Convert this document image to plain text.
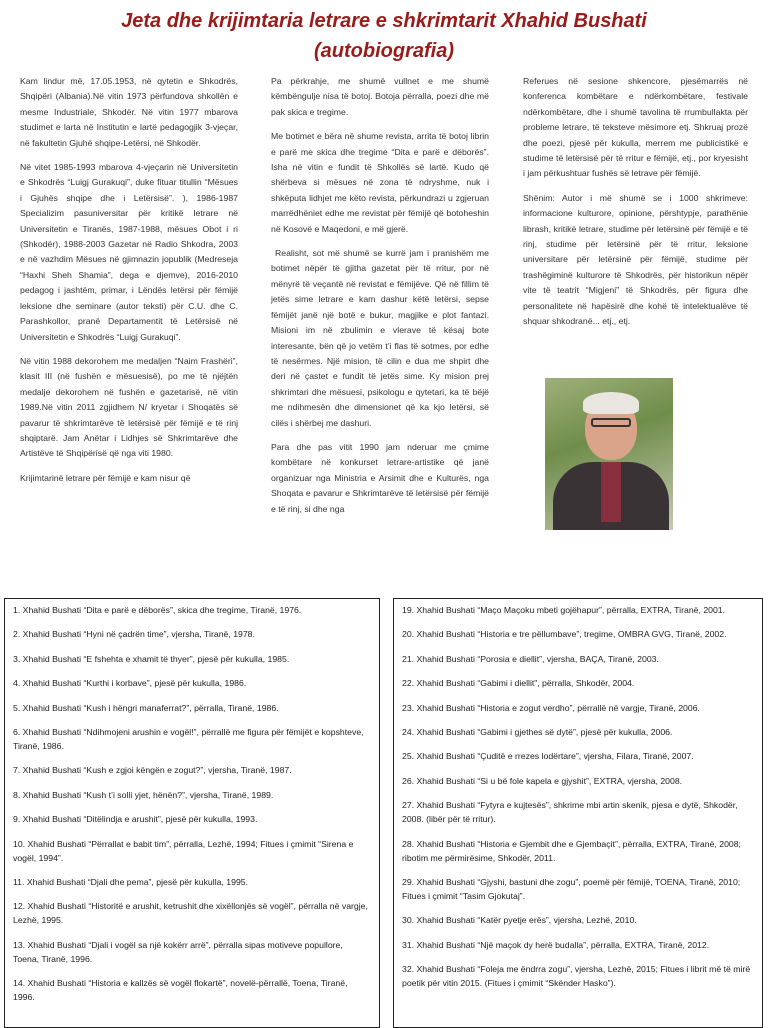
Jeta dhe krijimtaria letrare e shkrimtarit Xhahid Bushati
(autobiografia)

Kam lindur më, 17.05.1953, në qytetin e Shkodrës, Shqipëri (Albania).Në vitin 1973 përfundova shkollën e mesme Industriale, Shkodër. Në vitin 1977 mbarova studimet e larta në Institutin e lartë pedagogjik 3-vjeçar, në fakultetin Gjuhë shqipe-Letërsi, në Shkodër.

Në vitet 1985-1993 mbarova 4-vjeçarin në Universitetin e Shkodrës “Luigj Gurakuqi”, duke fituar titullin “Mësues i Gjuhës shqipe dhe i Letërsisë”. ), 1986-1987 Specializim pasuniversitar për kritikë letrare në Universitetin e Tiranës, 1987-1988, mësues Obot i ri (Shkodër), 1988-2003 Gazetar në Radio Shkodra, 2003 e në vazhdim Mësues në gjimnazin jopublik (Medreseja “Haxhi Sheh Shamia”, dega e djemve), 2016-2010 pedagog i jashtëm, primar, i Lëndës letërsi për fëmijë leksione dhe seminare (autor teksti) për C.U. dhe C. Parashkollor, pranë Departamentit të Letërsisë në Universitetin e Shkodrës “Luigj Gurakuqi”.

Në vitin 1988 dekorohem me medaljen “Naim Frashëri”, klasit III (në fushën e mësuesisë), po me të njëjtën medalje dekorohem në fushën e gazetarisë, në vitin 1989.Në vitin 2011 zgjidhem N/ kryetar i Shoqatës së pavarur të shkrimtarëve të letërsisë për fëmijë e të rinj shqiptarë. Jam Anëtar i Lidhjes së Shkrimtarëve dhe Artistëve të Shqipërisë që nga viti 1980.

Krijimtarinë letrare për fëmijë e kam nisur që

Pa përkrahje, me shumë vullnet e me shumë këmbëngulje nisa të botoj. Botoja përralla, poezi dhe më pak skica e tregime.

Me botimet e bëra në shume revista, arrita të botoj librin e parë me skica dhe tregime “Dita e parë e dëborës”. Isha në vitin e fundit të Shkollës së lartë. Kudo që shërbeva si mësues në zona të ndryshme, nuk i shkëputa lidhjet me këto revista, përkundrazi u zgjeruan marrëdhëniet edhe me revistat për fëmijë që botoheshin në Kosovë e Maqedoni, e më gjerë.

Realisht, sot më shumë se kurrë jam i pranishëm me botimet nëpër të gjitha gazetat për të rritur, por në mënyrë të veçantë në revistat e fëmijëve. Që në fillim të jetës sime letrare e kam dashur këtë letërsi, sepse fëmijët janë një botë e bukur, magjike e plot fantazi. Misioni im në zbulimin e vlerave të kësaj bote interesante, bën që jo vetëm t’i flas të sotmes, por edhe të nesërmes. Një mision, të cilin e dua me shpirt dhe deri në çastet e fundit të jetës sime. Ky mision prej shkrimtari dhe mësuesi, psikologu e qytetari, ka të bëjë me ndihmesën dhe dimensionet që ka kjo letërsi, së cilës i shërbej me dashuri.

Para dhe pas vitit 1990 jam nderuar me çmime kombëtare në konkurset letrare-artistike që janë organizuar nga Ministria e Arsimit dhe e Kulturës, nga Shoqata e pavarur e Shkrimtarëve të letërsisë për fëmijë e të rinj, si dhe nga

Referues në sesione shkencore, pjesëmarrës në konferenca kombëtare e ndërkombëtare, festivale ndërkombëtare, dhe i shumë tavolina të rrumbullakta për probleme letrare, të teksteve mësimore etj. Shkruaj prozë dhe poezi, pjesë për kukulla, merrem me publicistikë e studime të letërsisë për të rritur e fëmijë, etj., por kryesisht i jam përkushtuar fushës së letrave për fëmijë.

Shënim: Autor i më shumë se i 1000 shkrimeve: informacione kulturore, opinione, përshtypje, parathënie librash, kritikë letrare, studime për letërsinë për fëmijë e të rinj, studime për letërsinë për të rritur, leksione universitare për letërsinë për fëmijë, studime për trashëgiminë kulturore të Shkodrës, për historikun nëpër vite të teatrit “Migjeni” të Shkodrës, për figura dhe personalitete në hapësirë dhe kohë të intelektualëve të shquar shkodranë... etj., etj.

1. Xhahid Bushati “Dita e parë e dëborës”, skica dhe tregime, Tiranë, 1976.
2. Xhahid Bushati “Hyni në çadrën time”, vjersha, Tiranë, 1978.
3. Xhahid Bushati “E fshehta e xhamit të thyer”, pjesë për kukulla, 1985.
4. Xhahid Bushati “Kurthi i korbave”, pjesë për kukulla, 1986.
5. Xhahid Bushati “Kush i hëngri manaferrat?”, përralla, Tiranë, 1986.
6. Xhahid Bushati “Ndihmojeni arushin e vogël!”, përrallë me figura për fëmijët e kopshteve, Tiranë, 1986.
7. Xhahid Bushati “Kush e zgjoi këngën e zogut?”, vjersha, Tiranë, 1987.
8. Xhahid Bushati “Kush t’i solli yjet, hënën?”, vjersha, Tiranë, 1989.
9. Xhahid Bushati “Ditëlindja e arushit”, pjesë për kukulla, 1993.
10. Xhahid Bushati “Përrallat e babit tim”, përralla, Lezhë, 1994; Fitues i çmimit “Sirena e vogël, 1994”.
11. Xhahid Bushati “Djali dhe pema”, pjesë për kukulla, 1995.
12. Xhahid Bushati “Historitë e arushit, ketrushit dhe xixëllonjës së vogël”, përralla në vargje, Lezhë, 1995.
13. Xhahid Bushati “Djali i vogël sa një kokërr arrë”, përralla sipas motiveve popullore, Toena, Tiranë, 1996.
14. Xhahid Bushati “Historia e kallzës së vogël flokartë”, novelë-përrallë, Toena, Tiranë, 1996.
19. Xhahid Bushati “Maço Maçoku mbeti gojëhapur”, përralla, EXTRA, Tiranë, 2001.
20. Xhahid Bushati “Historia e tre pëllumbave”, tregime, OMBRA GVG, Tiranë, 2002.
21. Xhahid Bushati “Porosia e diellit”, vjersha, BAÇA, Tiranë, 2003.
22. Xhahid Bushati “Gabimi i diellit”, përralla, Shkodër, 2004.
23. Xhahid Bushati “Historia e zogut verdho”, përrallë në vargje, Tiranë, 2006.
24. Xhahid Bushati “Gabimi i gjethes së dytë”, pjesë për kukulla, 2006.
25. Xhahid Bushati “Çuditë e rrezes lodërtare”, vjersha, Filara, Tiranë, 2007.
26. Xhahid Bushati “Si u bë fole kapela e gjyshit”, EXTRA, vjersha, 2008.
27. Xhahid Bushati “Fytyra e kujtesës”, shkrime mbi artin skenik, pjesa e dytë, Shkodër, 2008. (libër për të rritur).
28. Xhahid Bushati “Historia e Gjembit dhe e Gjembaçit”, përralla, EXTRA, Tiranë, 2008; ribotim me përmirësime, Shkodër, 2011.
29. Xhahid Bushati “Gjyshi, bastuni dhe zogu”, poemë për fëmijë, TOENA, Tiranë, 2010; Fitues i çmimit “Tasim Gjokutaj”.
30. Xhahid Bushati “Katër pyetje erës”, vjersha, Lezhë, 2010.
31. Xhahid Bushati “Një maçok dy herë budalla”, përralla, EXTRA, Tiranë, 2012.
32. Xhahid Bushati “Foleja me ëndrra zogu”, vjersha, Lezhë, 2015; Fitues i librit më të mirë poetik për vitin 2015. (Fitues i çmimit “Skënder Hasko”).
